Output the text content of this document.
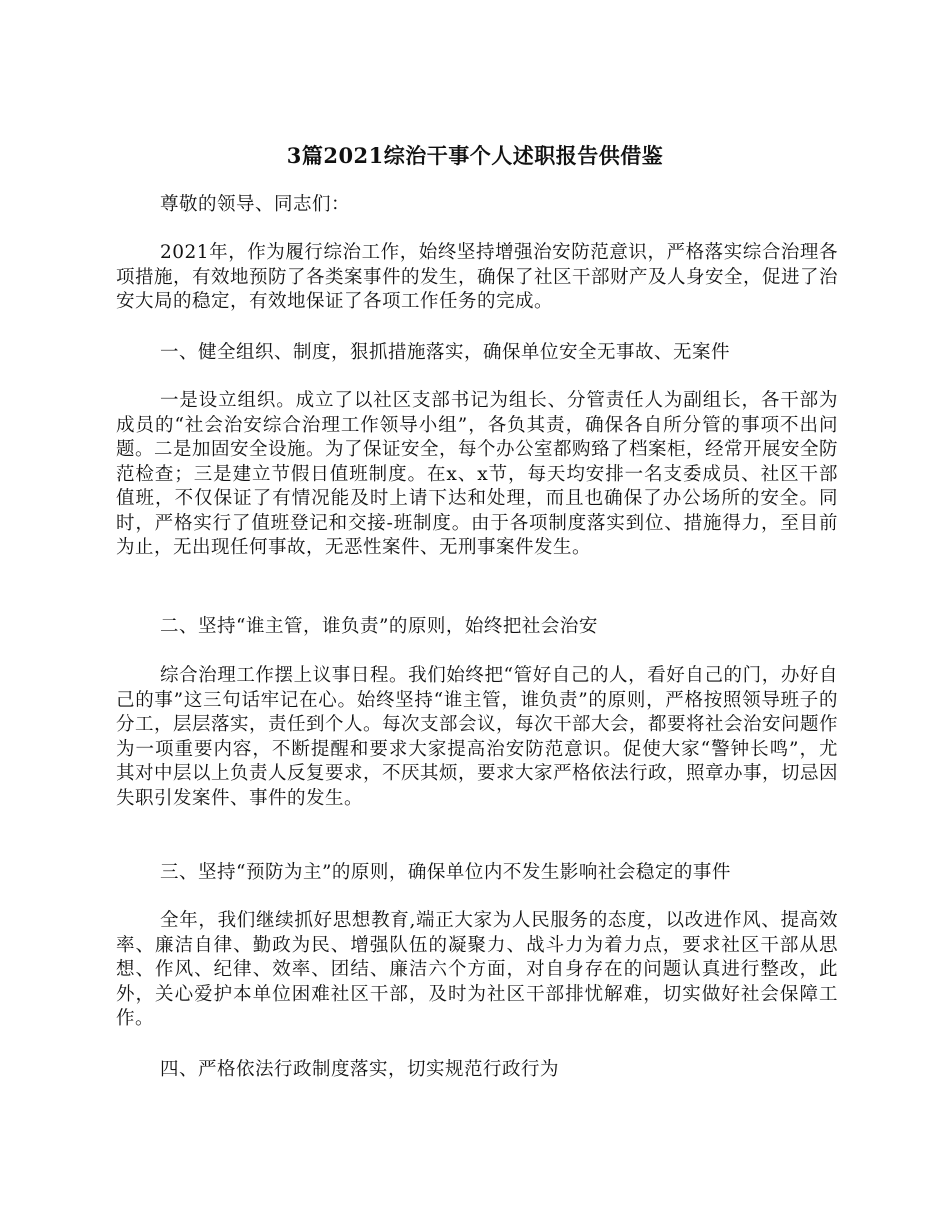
3篇2021综治干事个人述职报告供借鉴

尊敬的领导、同志们：

2021年，作为履行综治工作，始终坚持增强治安防范意识，严格落实综合治理各项措施，有效地预防了各类案事件的发生，确保了社区干部财产及人身安全，促进了治安大局的稳定，有效地保证了各项工作任务的完成。

一、健全组织、制度，狠抓措施落实，确保单位安全无事故、无案件

一是设立组织。成立了以社区支部书记为组长、分管责任人为副组长，各干部为成员的“社会治安综合治理工作领导小组”，各负其责，确保各自所分管的事项不出问题。二是加固安全设施。为了保证安全，每个办公室都购臵了档案柜，经常开展安全防范检查；三是建立节假日值班制度。在x、x节，每天均安排一名支委成员、社区干部值班，不仅保证了有情况能及时上请下达和处理，而且也确保了办公场所的安全。同时，严格实行了值班登记和交接-班制度。由于各项制度落实到位、措施得力，至目前为止，无出现任何事故，无恶性案件、无刑事案件发生。

二、坚持“谁主管，谁负责”的原则，始终把社会治安

综合治理工作摆上议事日程。我们始终把“管好自己的人，看好自己的门，办好自己的事”这三句话牢记在心。始终坚持“谁主管，谁负责”的原则，严格按照领导班子的分工，层层落实，责任到个人。每次支部会议，每次干部大会，都要将社会治安问题作为一项重要内容，不断提醒和要求大家提高治安防范意识。促使大家“警钟长鸣”，尤其对中层以上负责人反复要求，不厌其烦，要求大家严格依法行政，照章办事，切忌因失职引发案件、事件的发生。

三、坚持“预防为主”的原则，确保单位内不发生影响社会稳定的事件

全年，我们继续抓好思想教育,端正大家为人民服务的态度，以改进作风、提高效率、廉洁自律、勤政为民、增强队伍的凝聚力、战斗力为着力点，要求社区干部从思想、作风、纪律、效率、团结、廉洁六个方面，对自身存在的问题认真进行整改，此外，关心爱护本单位困难社区干部，及时为社区干部排忧解难，切实做好社会保障工作。

四、严格依法行政制度落实，切实规范行政行为
